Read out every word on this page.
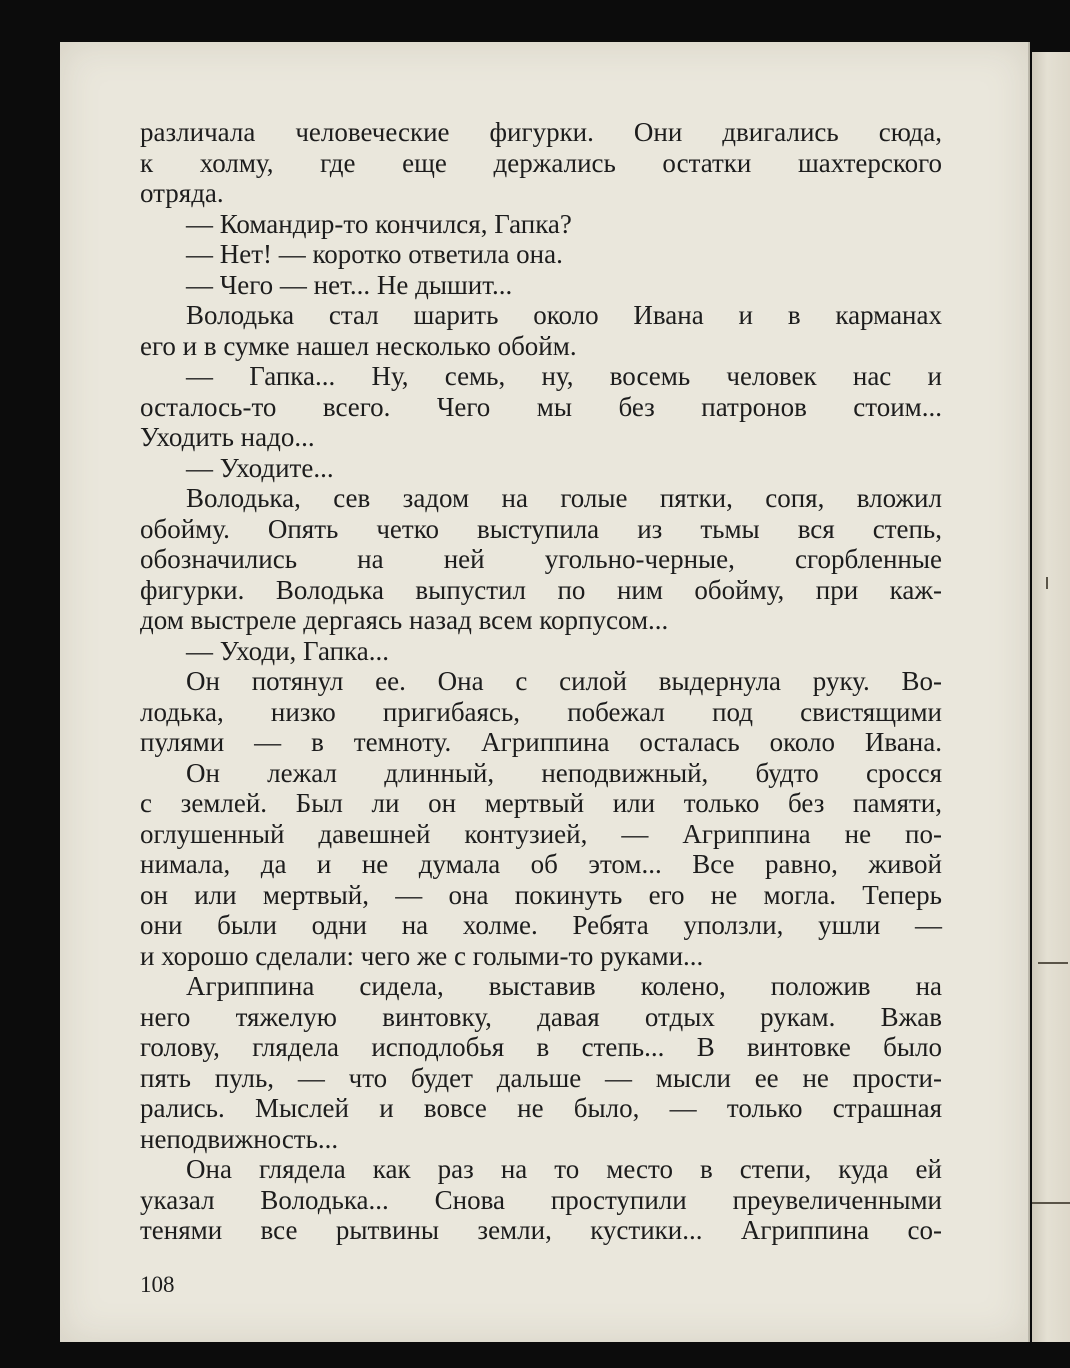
различала человеческие фигурки. Они двигались сюда,
к холму, где еще держались остатки шахтерского
отряда.
— Командир-то кончился, Гапка?
— Нет! — коротко ответила она.
— Чего — нет... Не дышит...
Володька стал шарить около Ивана и в карманах
его и в сумке нашел несколько обойм.
— Гапка... Ну, семь, ну, восемь человек нас и
осталось-то всего. Чего мы без патронов стоим...
Уходить надо...
— Уходите...
Володька, сев задом на голые пятки, сопя, вложил
обойму. Опять четко выступила из тьмы вся степь,
обозначились на ней угольно-черные, сгорбленные
фигурки. Володька выпустил по ним обойму, при каж-
дом выстреле дергаясь назад всем корпусом...
— Уходи, Гапка...
Он потянул ее. Она с силой выдернула руку. Во-
лодька, низко пригибаясь, побежал под свистящими
пулями — в темноту. Агриппина осталась около Ивана.
Он лежал длинный, неподвижный, будто сросся
с землей. Был ли он мертвый или только без памяти,
оглушенный давешней контузией, — Агриппина не по-
нимала, да и не думала об этом... Все равно, живой
он или мертвый, — она покинуть его не могла. Теперь
они были одни на холме. Ребята уползли, ушли —
и хорошо сделали: чего же с голыми-то руками...
Агриппина сидела, выставив колено, положив на
него тяжелую винтовку, давая отдых рукам. Вжав
голову, глядела исподлобья в степь... В винтовке было
пять пуль, — что будет дальше — мысли ее не прости-
рались. Мыслей и вовсе не было, — только страшная
неподвижность...
Она глядела как раз на то место в степи, куда ей
указал Володька... Снова проступили преувеличенными
тенями все рытвины земли, кустики... Агриппина со-
108
